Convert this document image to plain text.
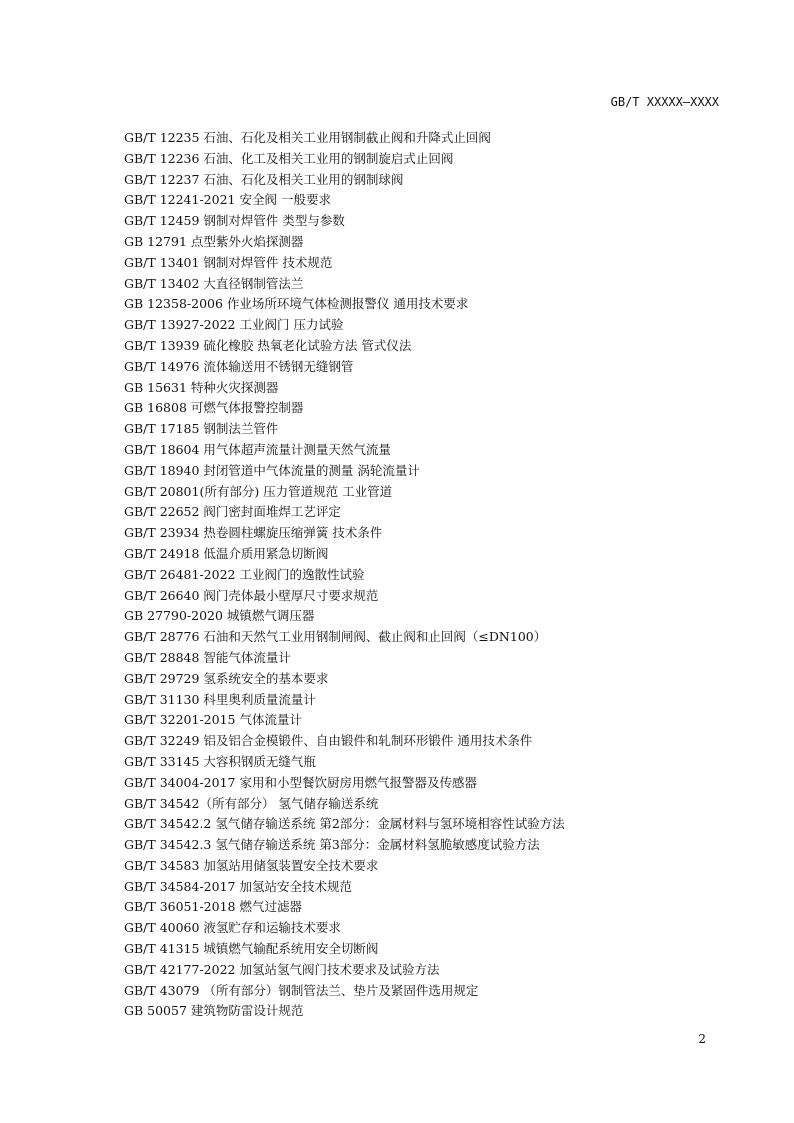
GB/T XXXXX—XXXX
GB/T 12235 石油、石化及相关工业用钢制截止阀和升降式止回阀
GB/T 12236 石油、化工及相关工业用的钢制旋启式止回阀
GB/T 12237 石油、石化及相关工业用的钢制球阀
GB/T 12241-2021 安全阀 一般要求
GB/T 12459 钢制对焊管件 类型与参数
GB 12791 点型紫外火焰探测器
GB/T 13401 钢制对焊管件 技术规范
GB/T 13402 大直径钢制管法兰
GB 12358-2006 作业场所环境气体检测报警仪 通用技术要求
GB/T 13927-2022 工业阀门 压力试验
GB/T 13939 硫化橡胶 热氧老化试验方法 管式仪法
GB/T 14976 流体输送用不锈钢无缝钢管
GB 15631 特种火灾探测器
GB 16808 可燃气体报警控制器
GB/T 17185 钢制法兰管件
GB/T 18604 用气体超声流量计测量天然气流量
GB/T 18940 封闭管道中气体流量的测量 涡轮流量计
GB/T 20801(所有部分) 压力管道规范 工业管道
GB/T 22652 阀门密封面堆焊工艺评定
GB/T 23934 热卷圆柱螺旋压缩弹簧 技术条件
GB/T 24918 低温介质用紧急切断阀
GB/T 26481-2022 工业阀门的逸散性试验
GB/T 26640 阀门壳体最小壁厚尺寸要求规范
GB 27790-2020 城镇燃气调压器
GB/T 28776 石油和天然气工业用钢制闸阀、截止阀和止回阀（≤DN100）
GB/T 28848 智能气体流量计
GB/T 29729 氢系统安全的基本要求
GB/T 31130 科里奥利质量流量计
GB/T 32201-2015 气体流量计
GB/T 32249 铝及铝合金模锻件、自由锻件和轧制环形锻件 通用技术条件
GB/T 33145 大容积钢质无缝气瓶
GB/T 34004-2017 家用和小型餐饮厨房用燃气报警器及传感器
GB/T 34542（所有部分） 氢气储存输送系统
GB/T 34542.2 氢气储存输送系统 第2部分：金属材料与氢环境相容性试验方法
GB/T 34542.3 氢气储存输送系统 第3部分：金属材料氢脆敏感度试验方法
GB/T 34583 加氢站用储氢装置安全技术要求
GB/T 34584-2017 加氢站安全技术规范
GB/T 36051-2018 燃气过滤器
GB/T 40060 液氢贮存和运输技术要求
GB/T 41315 城镇燃气输配系统用安全切断阀
GB/T 42177-2022 加氢站氢气阀门技术要求及试验方法
GB/T 43079 （所有部分）钢制管法兰、垫片及紧固件选用规定
GB 50057 建筑物防雷设计规范
2
